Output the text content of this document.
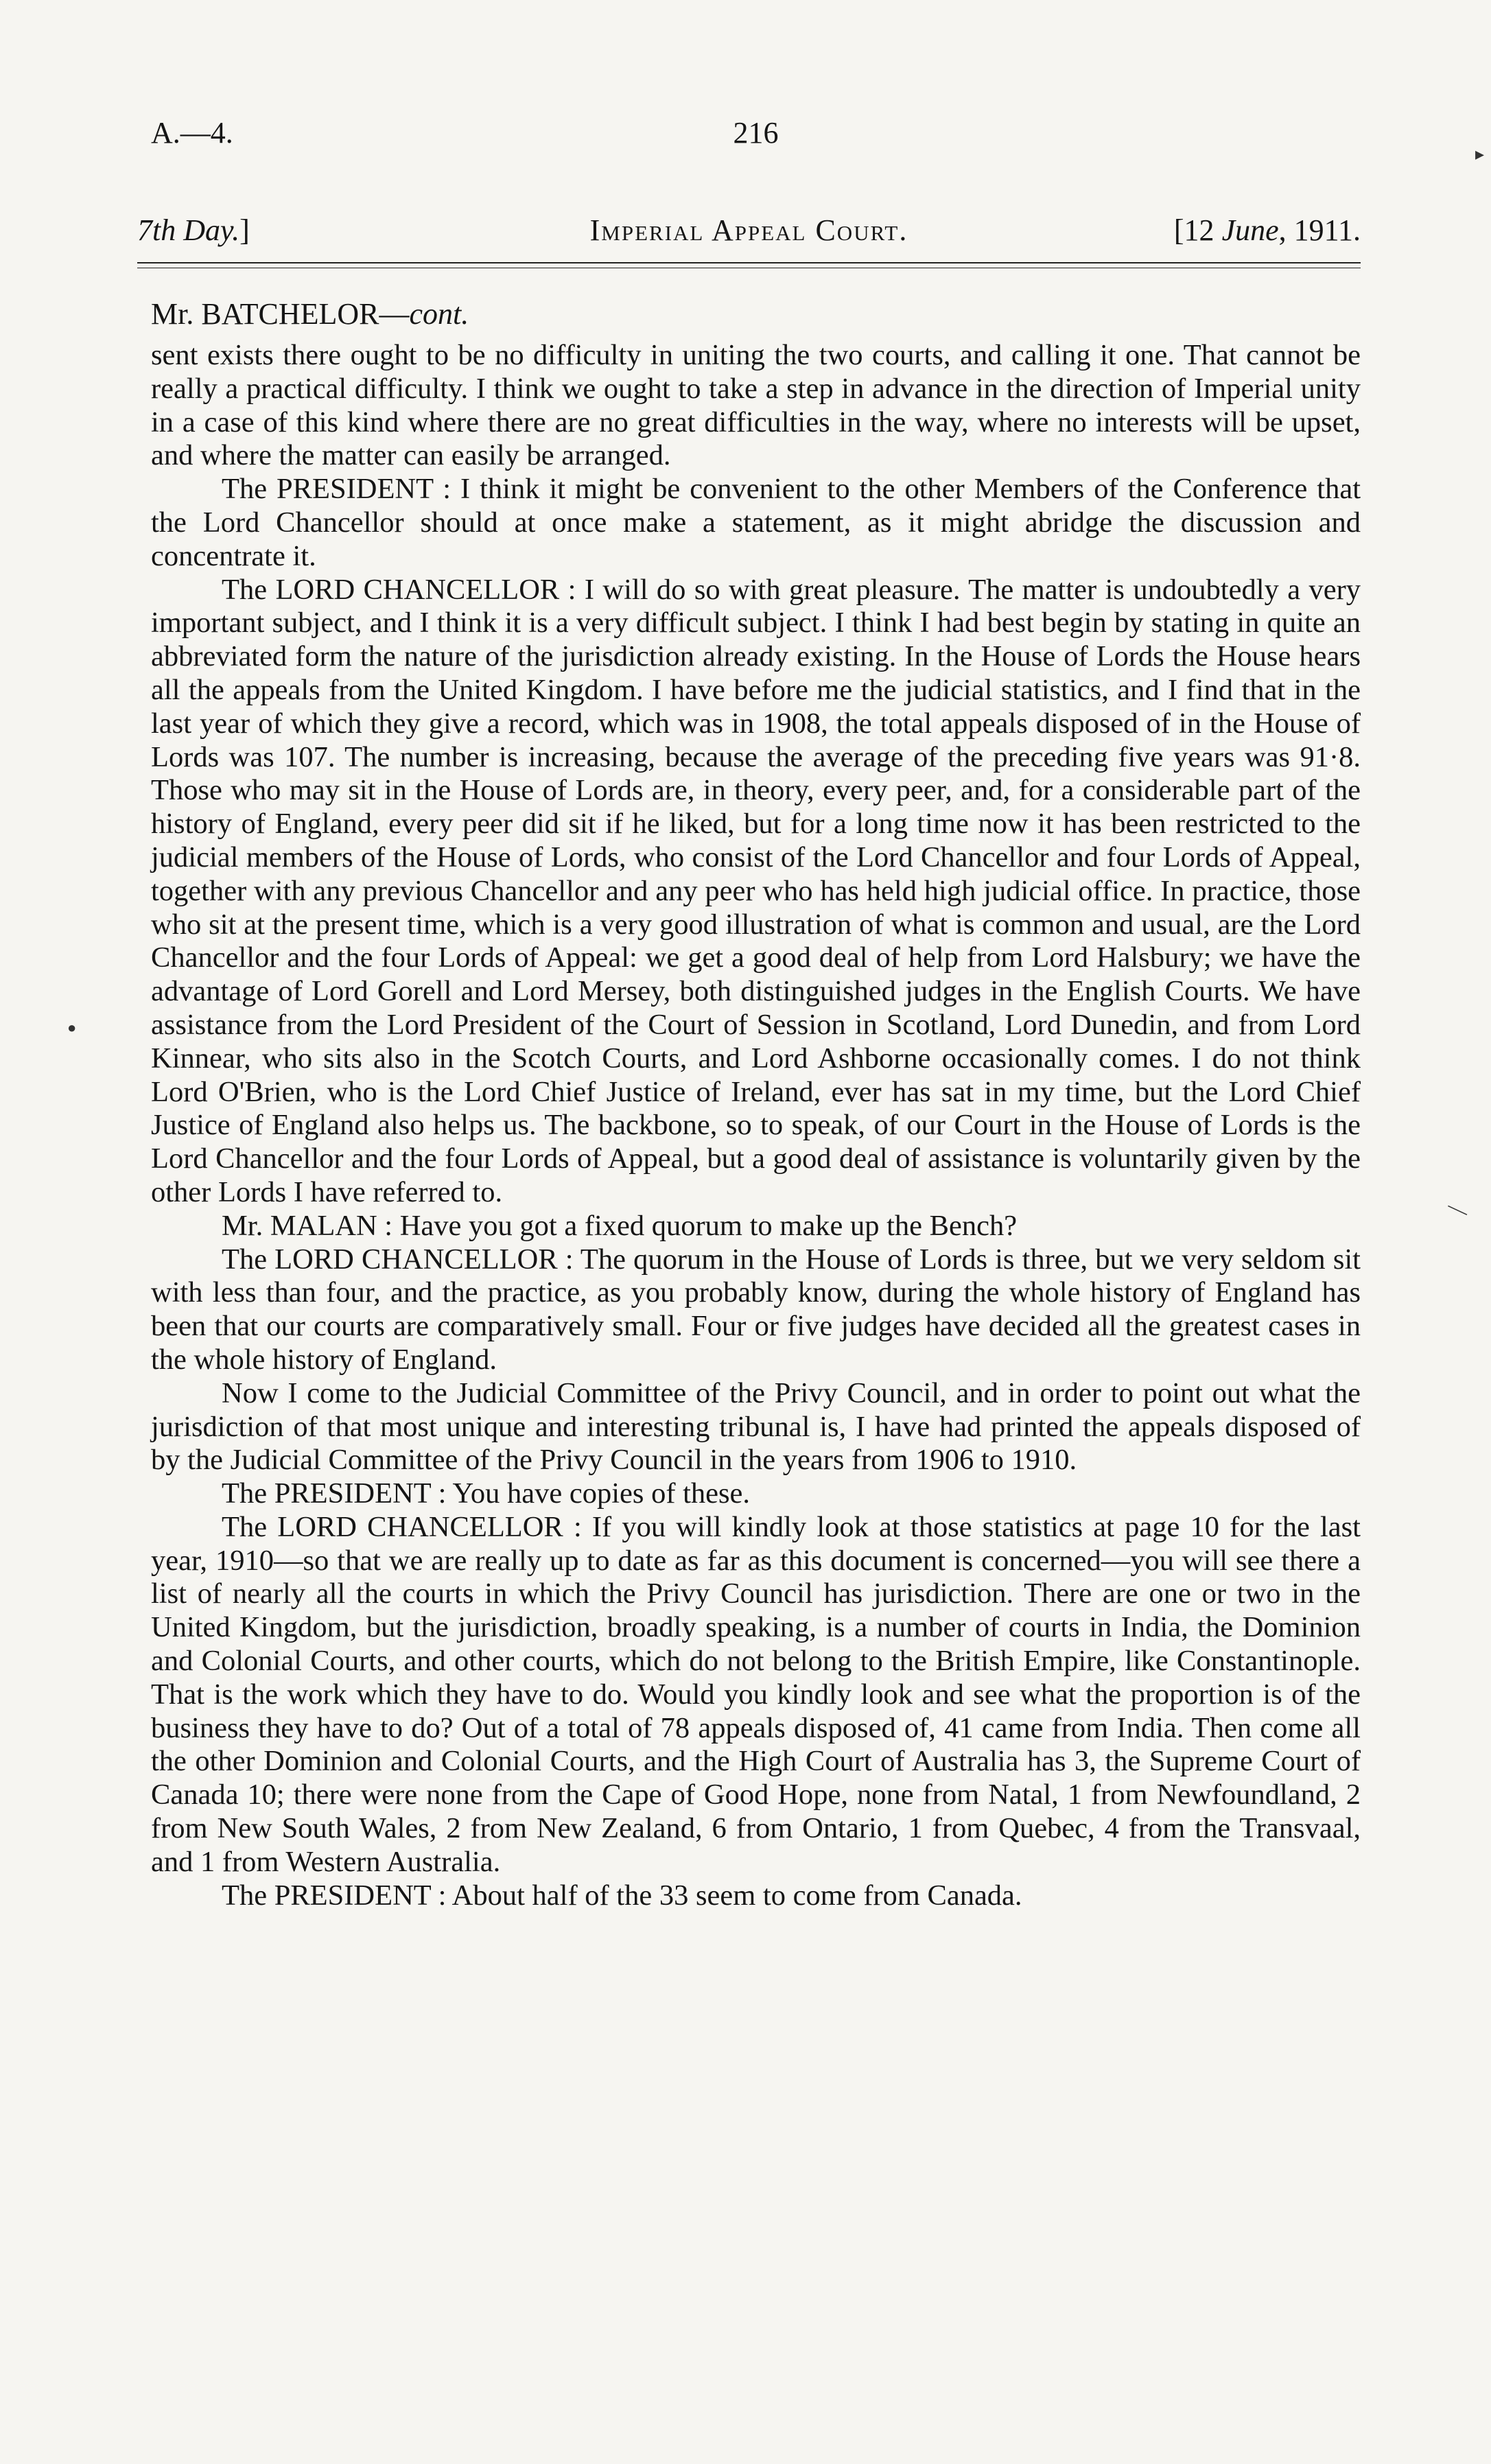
A.—4.	216
7th Day.]	Imperial Appeal Court.	[12 June, 1911.
Mr. BATCHELOR—cont.

sent exists there ought to be no difficulty in uniting the two courts, and calling it one. That cannot be really a practical difficulty. I think we ought to take a step in advance in the direction of Imperial unity in a case of this kind where there are no great difficulties in the way, where no interests will be upset, and where the matter can easily be arranged.

The PRESIDENT : I think it might be convenient to the other Members of the Conference that the Lord Chancellor should at once make a statement, as it might abridge the discussion and concentrate it.

The LORD CHANCELLOR : I will do so with great pleasure. The matter is undoubtedly a very important subject, and I think it is a very difficult subject. I think I had best begin by stating in quite an abbreviated form the nature of the jurisdiction already existing. In the House of Lords the House hears all the appeals from the United Kingdom. I have before me the judicial statistics, and I find that in the last year of which they give a record, which was in 1908, the total appeals disposed of in the House of Lords was 107. The number is increasing, because the average of the preceding five years was 91·8. Those who may sit in the House of Lords are, in theory, every peer, and, for a considerable part of the history of England, every peer did sit if he liked, but for a long time now it has been restricted to the judicial members of the House of Lords, who consist of the Lord Chancellor and four Lords of Appeal, together with any previous Chancellor and any peer who has held high judicial office. In practice, those who sit at the present time, which is a very good illustration of what is common and usual, are the Lord Chancellor and the four Lords of Appeal: we get a good deal of help from Lord Halsbury; we have the advantage of Lord Gorell and Lord Mersey, both distinguished judges in the English Courts. We have assistance from the Lord President of the Court of Session in Scotland, Lord Dunedin, and from Lord Kinnear, who sits also in the Scotch Courts, and Lord Ashborne occasionally comes. I do not think Lord O'Brien, who is the Lord Chief Justice of Ireland, ever has sat in my time, but the Lord Chief Justice of England also helps us. The backbone, so to speak, of our Court in the House of Lords is the Lord Chancellor and the four Lords of Appeal, but a good deal of assistance is voluntarily given by the other Lords I have referred to.

Mr. MALAN : Have you got a fixed quorum to make up the Bench?

The LORD CHANCELLOR : The quorum in the House of Lords is three, but we very seldom sit with less than four, and the practice, as you probably know, during the whole history of England has been that our courts are comparatively small. Four or five judges have decided all the greatest cases in the whole history of England.

Now I come to the Judicial Committee of the Privy Council, and in order to point out what the jurisdiction of that most unique and interesting tribunal is, I have had printed the appeals disposed of by the Judicial Committee of the Privy Council in the years from 1906 to 1910.

The PRESIDENT : You have copies of these.

The LORD CHANCELLOR : If you will kindly look at those statistics at page 10 for the last year, 1910—so that we are really up to date as far as this document is concerned—you will see there a list of nearly all the courts in which the Privy Council has jurisdiction. There are one or two in the United Kingdom, but the jurisdiction, broadly speaking, is a number of courts in India, the Dominion and Colonial Courts, and other courts, which do not belong to the British Empire, like Constantinople. That is the work which they have to do. Would you kindly look and see what the proportion is of the business they have to do? Out of a total of 78 appeals disposed of, 41 came from India. Then come all the other Dominion and Colonial Courts, and the High Court of Australia has 3, the Supreme Court of Canada 10; there were none from the Cape of Good Hope, none from Natal, 1 from Newfoundland, 2 from New South Wales, 2 from New Zealand, 6 from Ontario, 1 from Quebec, 4 from the Transvaal, and 1 from Western Australia.

The PRESIDENT : About half of the 33 seem to come from Canada.

●
—
▸
